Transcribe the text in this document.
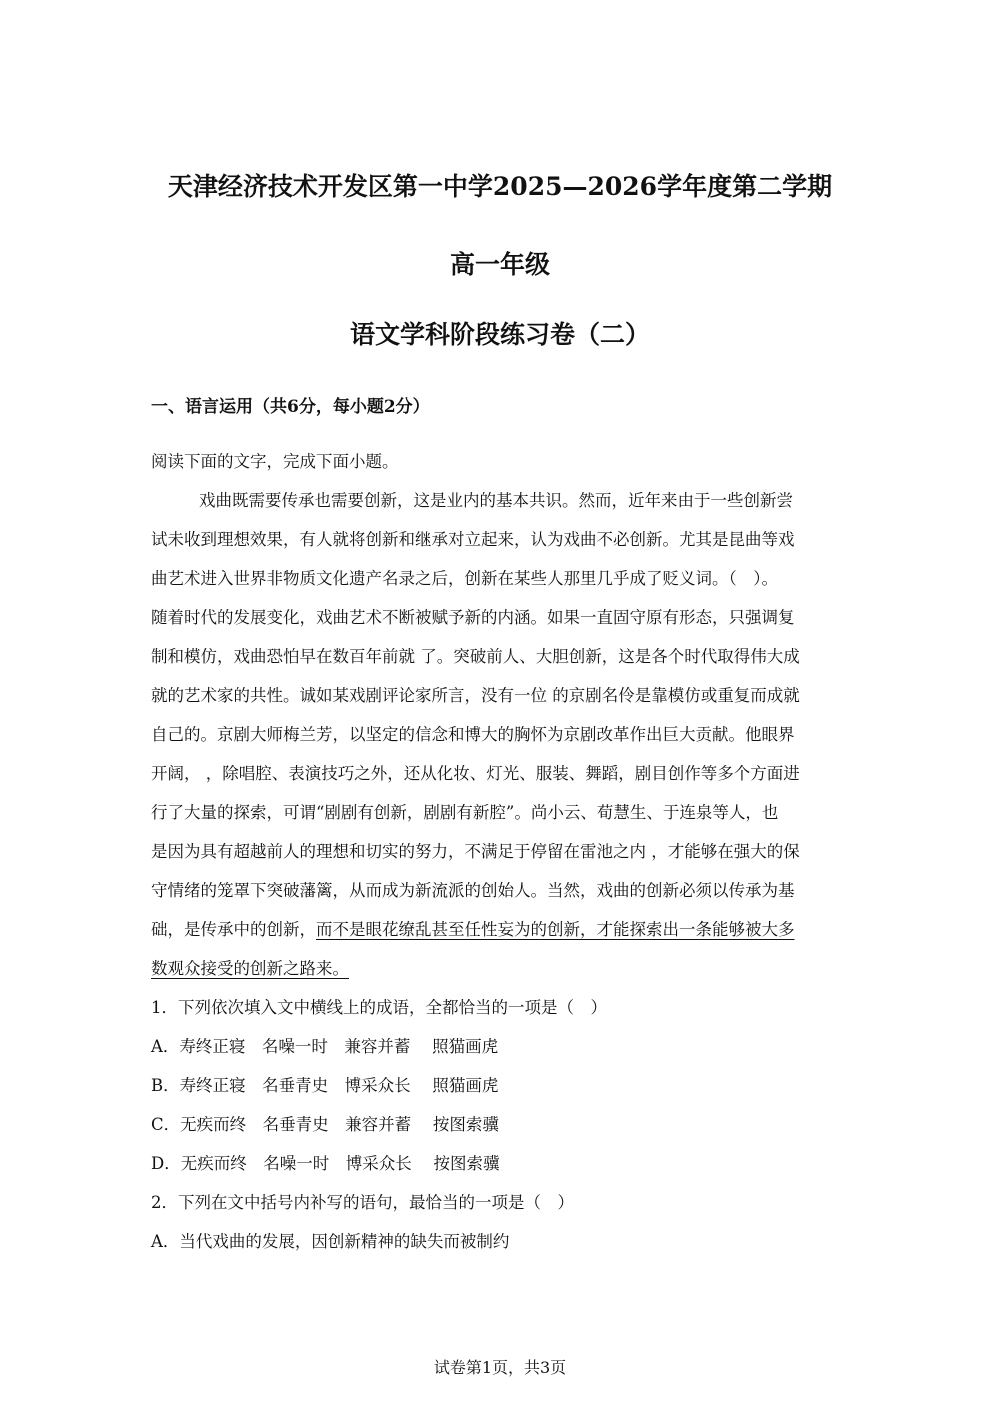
天津经济技术开发区第一中学2025—2026学年度第二学期
高一年级
语文学科阶段练习卷（二）
一、语言运用（共6分，每小题2分）
阅读下面的文字，完成下面小题。
戏曲既需要传承也需要创新，这是业内的基本共识。然而，近年来由于一些创新尝
试未收到理想效果，有人就将创新和继承对立起来，认为戏曲不必创新。尤其是昆曲等戏
曲艺术进入世界非物质文化遗产名录之后，创新在某些人那里几乎成了贬义词。（　）。
随着时代的发展变化，戏曲艺术不断被赋予新的内涵。如果一直固守原有形态，只强调复
制和模仿，戏曲恐怕早在数百年前就 了。突破前人、大胆创新，这是各个时代取得伟大成
就的艺术家的共性。诚如某戏剧评论家所言，没有一位 的京剧名伶是靠模仿或重复而成就
自己的。京剧大师梅兰芳，以坚定的信念和博大的胸怀为京剧改革作出巨大贡献。他眼界
开阔， ，除唱腔、表演技巧之外，还从化妆、灯光、服装、舞蹈，剧目创作等多个方面进
行了大量的探索，可谓“剧剧有创新，剧剧有新腔”。尚小云、荀慧生、于连泉等人，也
是因为具有超越前人的理想和切实的努力，不满足于停留在雷池之内 ，才能够在强大的保
守情绪的笼罩下突破藩篱，从而成为新流派的创始人。当然，戏曲的创新必须以传承为基
础，是传承中的创新，而不是眼花缭乱甚至任性妄为的创新，才能探索出一条能够被大多
数观众接受的创新之路来。
1．下列依次填入文中横线上的成语，全都恰当的一项是（　）
A．寿终正寝　名噪一时　兼容并蓄　 照猫画虎
B．寿终正寝　名垂青史　博采众长　 照猫画虎
C．无疾而终　名垂青史　兼容并蓄　 按图索骥
D．无疾而终　名噪一时　博采众长　 按图索骥
2．下列在文中括号内补写的语句，最恰当的一项是（　）
A．当代戏曲的发展，因创新精神的缺失而被制约
试卷第1页，共3页
